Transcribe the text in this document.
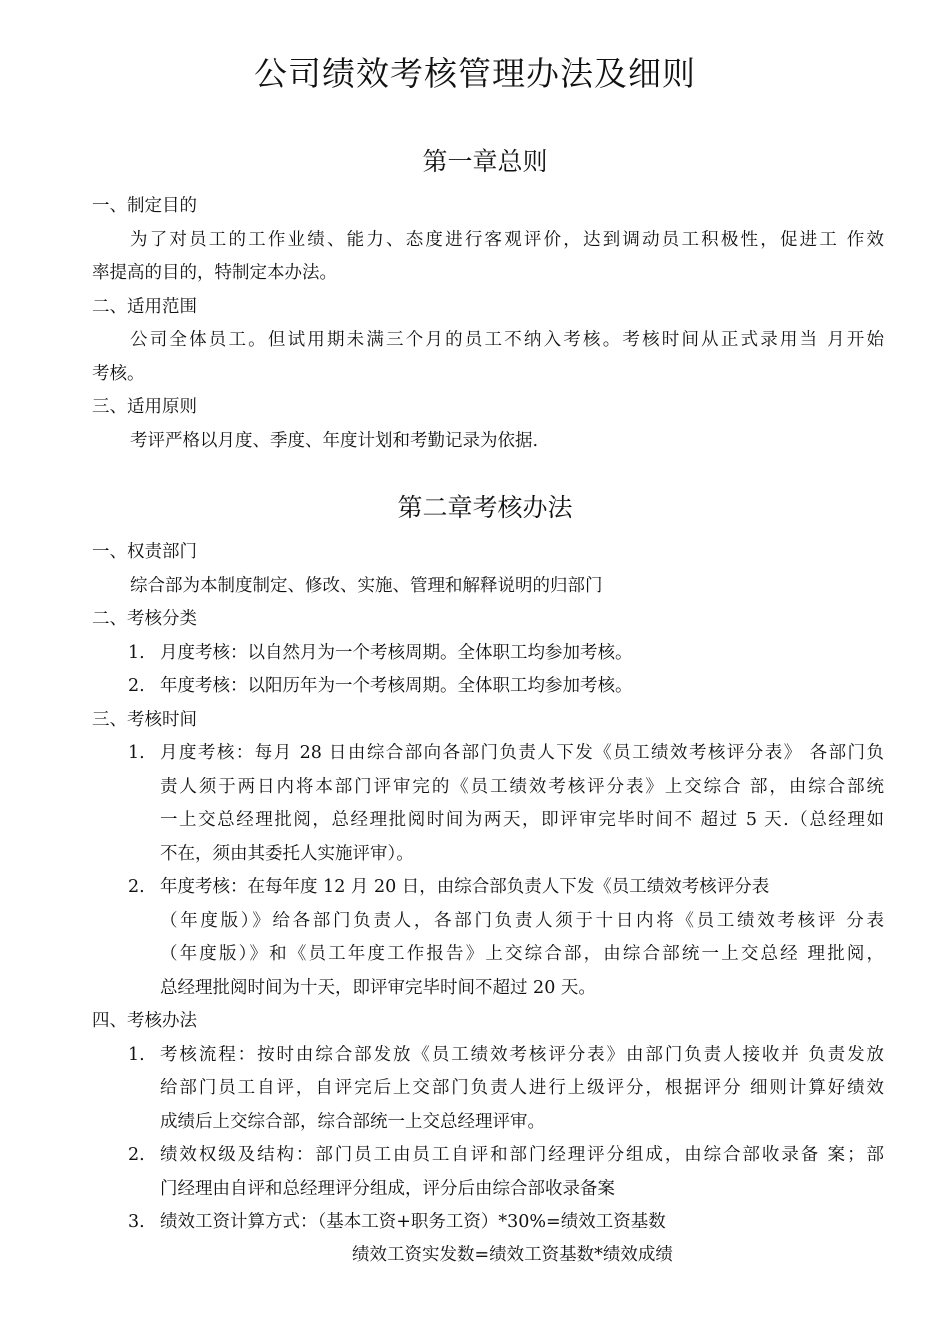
公司绩效考核管理办法及细则
第一章总则
一、制定目的
为了对员工的工作业绩、能力、态度进行客观评价，达到调动员工积极性，促进工 作效
率提高的目的，特制定本办法。
二、适用范围
公司全体员工。但试用期未满三个月的员工不纳入考核。考核时间从正式录用当 月开始
考核。
三、适用原则
考评严格以月度、季度、年度计划和考勤记录为依据.
第二章考核办法
一、权责部门
综合部为本制度制定、修改、实施、管理和解释说明的归部门
二、考核分类
1. 月度考核：以自然月为一个考核周期。全体职工均参加考核。
2. 年度考核：以阳历年为一个考核周期。全体职工均参加考核。
三、考核时间
1. 月度考核：每月 28 日由综合部向各部门负责人下发《员工绩效考核评分表》 各部门负
责人须于两日内将本部门评审完的《员工绩效考核评分表》上交综合 部，由综合部统
一上交总经理批阅，总经理批阅时间为两天，即评审完毕时间不 超过 5 天.（总经理如
不在，须由其委托人实施评审）。
2. 年度考核：在每年度 12 月 20 日，由综合部负责人下发《员工绩效考核评分表
（年度版）》给各部门负责人，各部门负责人须于十日内将《员工绩效考核评 分表
（年度版）》和《员工年度工作报告》上交综合部，由综合部统一上交总经 理批阅，
总经理批阅时间为十天，即评审完毕时间不超过 20 天。
四、考核办法
1. 考核流程：按时由综合部发放《员工绩效考核评分表》由部门负责人接收并 负责发放
给部门员工自评，自评完后上交部门负责人进行上级评分，根据评分 细则计算好绩效
成绩后上交综合部，综合部统一上交总经理评审。
2. 绩效权级及结构：部门员工由员工自评和部门经理评分组成，由综合部收录备 案；部
门经理由自评和总经理评分组成，评分后由综合部收录备案
3. 绩效工资计算方式：（基本工资+职务工资）*30%=绩效工资基数
绩效工资实发数=绩效工资基数*绩效成绩
